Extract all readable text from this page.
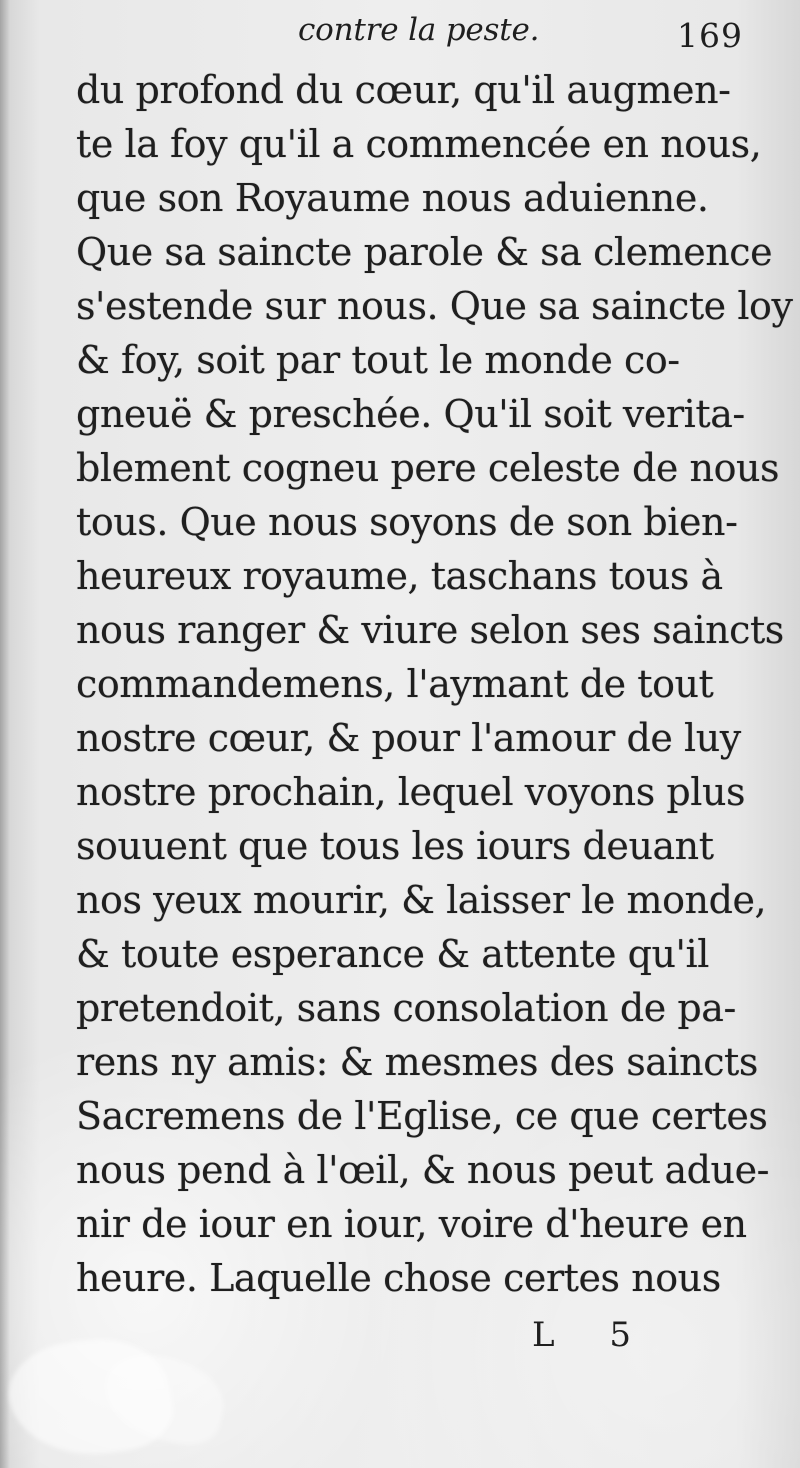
contre la peste.	169
du profond du cœur, qu'il augmen-
te la foy qu'il a commencée en nous,
que son Royaume nous aduienne.
Que sa saincte parole & sa clemence
s'estende sur nous. Que sa saincte loy
& foy, soit par tout le monde co-
gneuë & preschée. Qu'il soit verita-
blement cogneu pere celeste de nous
tous. Que nous soyons de son bien-
heureux royaume, taschans tous à
nous ranger & viure selon ses saincts
commandemens, l'aymant de tout
nostre cœur, & pour l'amour de luy
nostre prochain, lequel voyons plus
souuent que tous les iours deuant
nos yeux mourir, & laisser le monde,
& toute esperance & attente qu'il
pretendoit, sans consolation de pa-
rens ny amis: & mesmes des saincts
Sacremens de l'Eglise, ce que certes
nous pend à l'œil, & nous peut adue-
nir de iour en iour, voire d'heure en
heure. Laquelle chose certes nous
L 5
